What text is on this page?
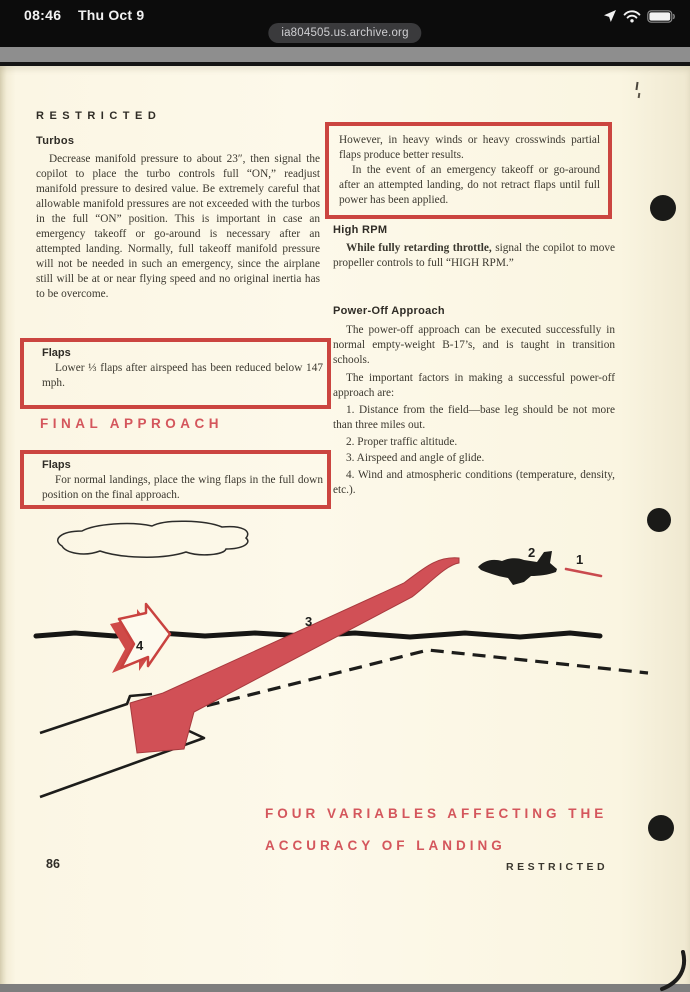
08:46 Thu Oct 9
ia804505.us.archive.org
RESTRICTED
Turbos

Decrease manifold pressure to about 23″, then signal the copilot to place the turbo controls full “ON,” readjust manifold pressure to desired value. Be extremely careful that allowable manifold pressures are not exceeded with the turbos in the full “ON” position. This is important in case an emergency takeoff or go-around is necessary after an attempted landing. Normally, full takeoff manifold pressure will not be needed in such an emergency, since the airplane still will be at or near flying speed and no original inertia has to be overcome.

Flaps

Lower ⅓ flaps after airspeed has been reduced below 147 mph.

FINAL APPROACH
Flaps

For normal landings, place the wing flaps in the full down position on the final approach.

However, in heavy winds or heavy crosswinds partial flaps produce better results.

In the event of an emergency takeoff or go-around after an attempted landing, do not retract flaps until full power has been applied.

High RPM

While fully retarding throttle, signal the copilot to move propeller controls to full “HIGH RPM.”

Power-Off Approach

The power-off approach can be executed successfully in normal empty-weight B-17’s, and is taught in transition schools.

The important factors in making a successful power-off approach are:

1. Distance from the field—base leg should be not more than three miles out.

2. Proper traffic altitude.

3. Airspeed and angle of glide.

4. Wind and atmospheric conditions (temperature, density, etc.).

1
2
3
4
FOUR VARIABLES AFFECTING THE
ACCURACY OF LANDING
86	RESTRICTED
